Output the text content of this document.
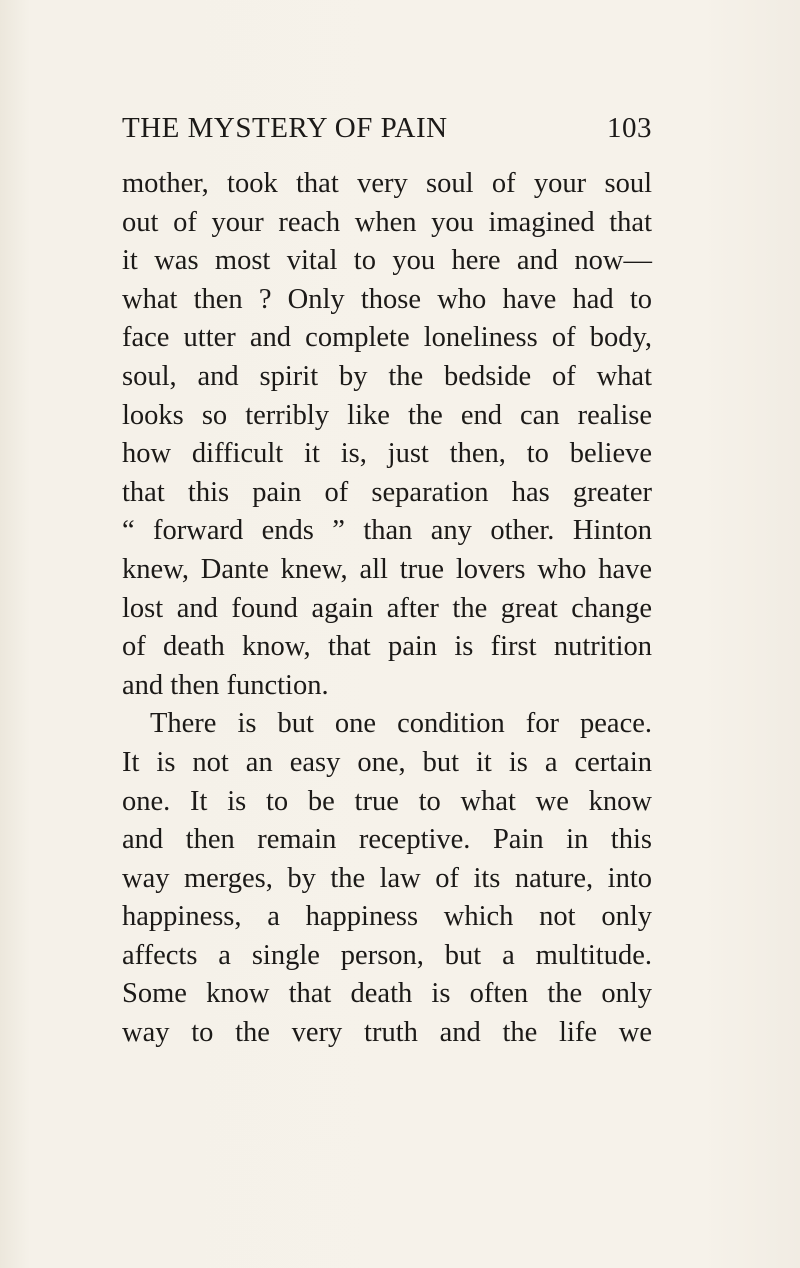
THE MYSTERY OF PAIN	103
mother, took that very soul of your soul
out of your reach when you imagined that
it was most vital to you here and now—
what then ? Only those who have had to
face utter and complete loneliness of body,
soul, and spirit by the bedside of what
looks so terribly like the end can realise
how difficult it is, just then, to believe
that this pain of separation has greater
“ forward ends ” than any other. Hinton
knew, Dante knew, all true lovers who have
lost and found again after the great change
of death know, that pain is first nutrition
and then function.
There is but one condition for peace.
It is not an easy one, but it is a certain
one. It is to be true to what we know
and then remain receptive. Pain in this
way merges, by the law of its nature, into
happiness, a happiness which not only
affects a single person, but a multitude.
Some know that death is often the only
way to the very truth and the life we
